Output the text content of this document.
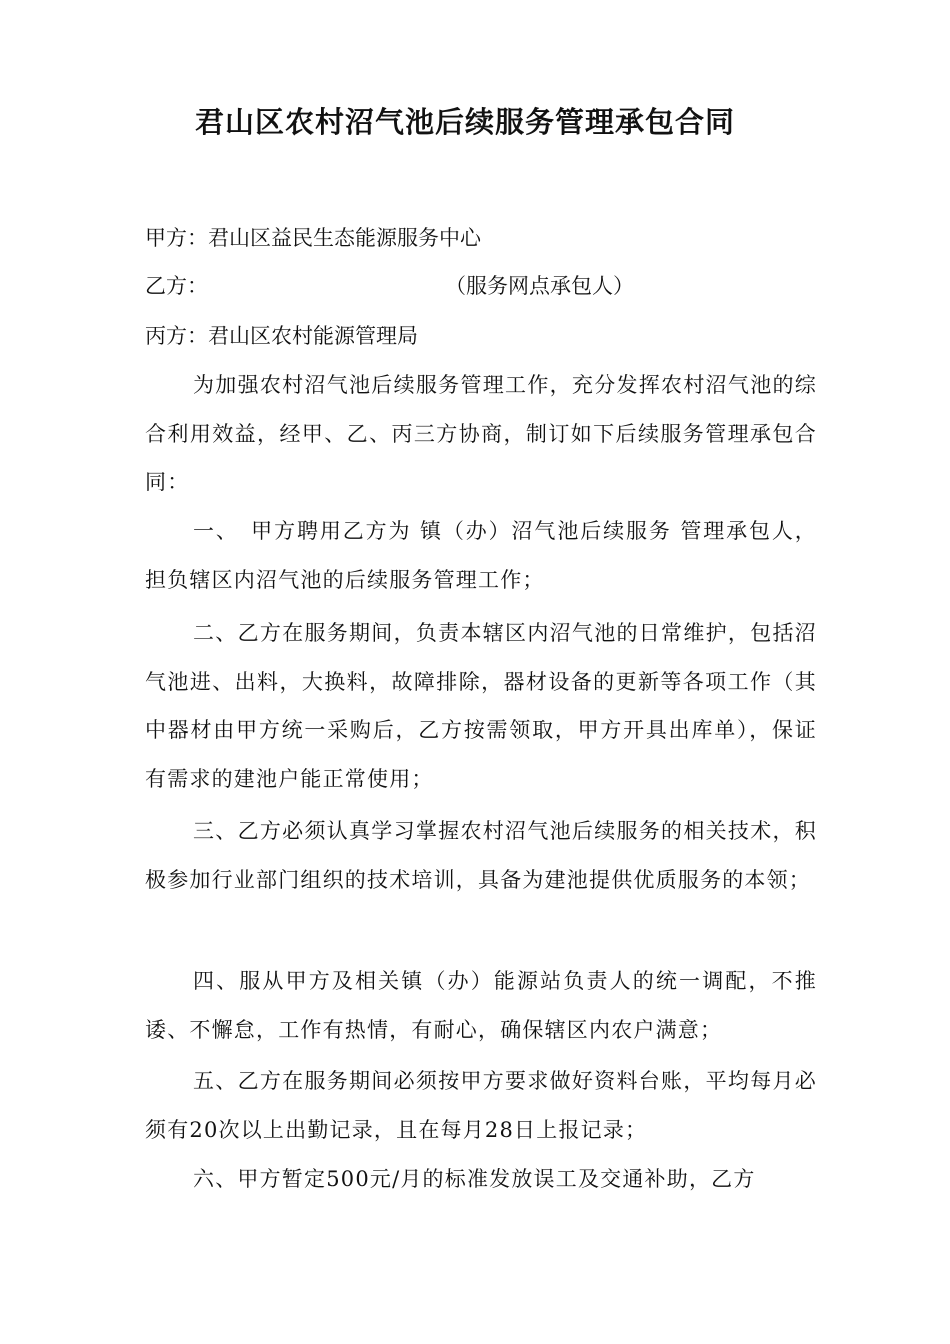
君山区农村沼气池后续服务管理承包合同
甲方：君山区益民生态能源服务中心
乙方：	（服务网点承包人）
丙方：君山区农村能源管理局
为加强农村沼气池后续服务管理工作，充分发挥农村沼气池的综合利用效益，经甲、乙、丙三方协商，制订如下后续服务管理承包合同：
一、　甲方聘用乙方为 镇（办）沼气池后续服务 管理承包人，担负辖区内沼气池的后续服务管理工作；
二、乙方在服务期间，负责本辖区内沼气池的日常维护，包括沼气池进、出料，大换料，故障排除，器材设备的更新等各项工作（其中器材由甲方统一采购后，乙方按需领取，甲方开具出库单），保证有需求的建池户能正常使用；
三、乙方必须认真学习掌握农村沼气池后续服务的相关技术，积极参加行业部门组织的技术培训，具备为建池提供优质服务的本领；
四、服从甲方及相关镇（办）能源站负责人的统一调配，不推诿、不懈怠，工作有热情，有耐心，确保辖区内农户满意；
五、乙方在服务期间必须按甲方要求做好资料台账，平均每月必须有20次以上出勤记录，且在每月28日上报记录；
六、甲方暂定500元/月的标准发放误工及交通补助，乙方
